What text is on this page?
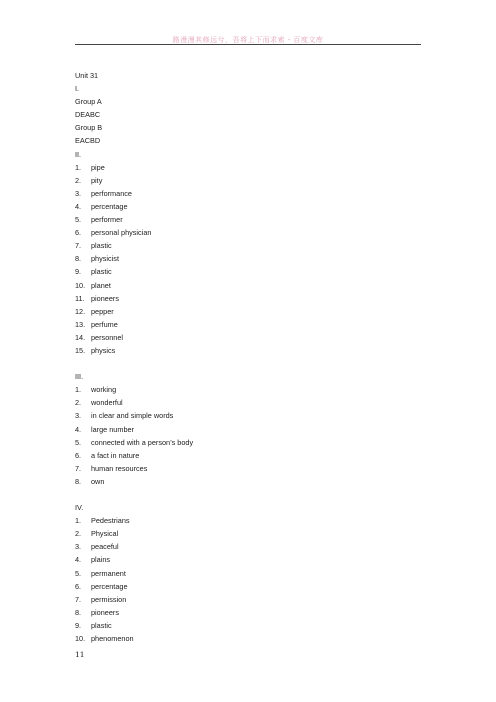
路漫漫其修远兮，吾将上下而求索 - 百度文库
Unit 31
I.
Group A
DEABC
Group B
EACBD
II.
1. pipe
2. pity
3. performance
4. percentage
5. performer
6. personal physician
7. plastic
8. physicist
9. plastic
10. planet
11. pioneers
12. pepper
13. perfume
14. personnel
15. physics
III.
1. working
2. wonderful
3. in clear and simple words
4. large number
5. connected with a person’s body
6. a fact in nature
7. human resources
8. own
IV.
1. Pedestrians
2. Physical
3. peaceful
4. plains
5. permanent
6. percentage
7. permission
8. pioneers
9. plastic
10. phenomenon
11
